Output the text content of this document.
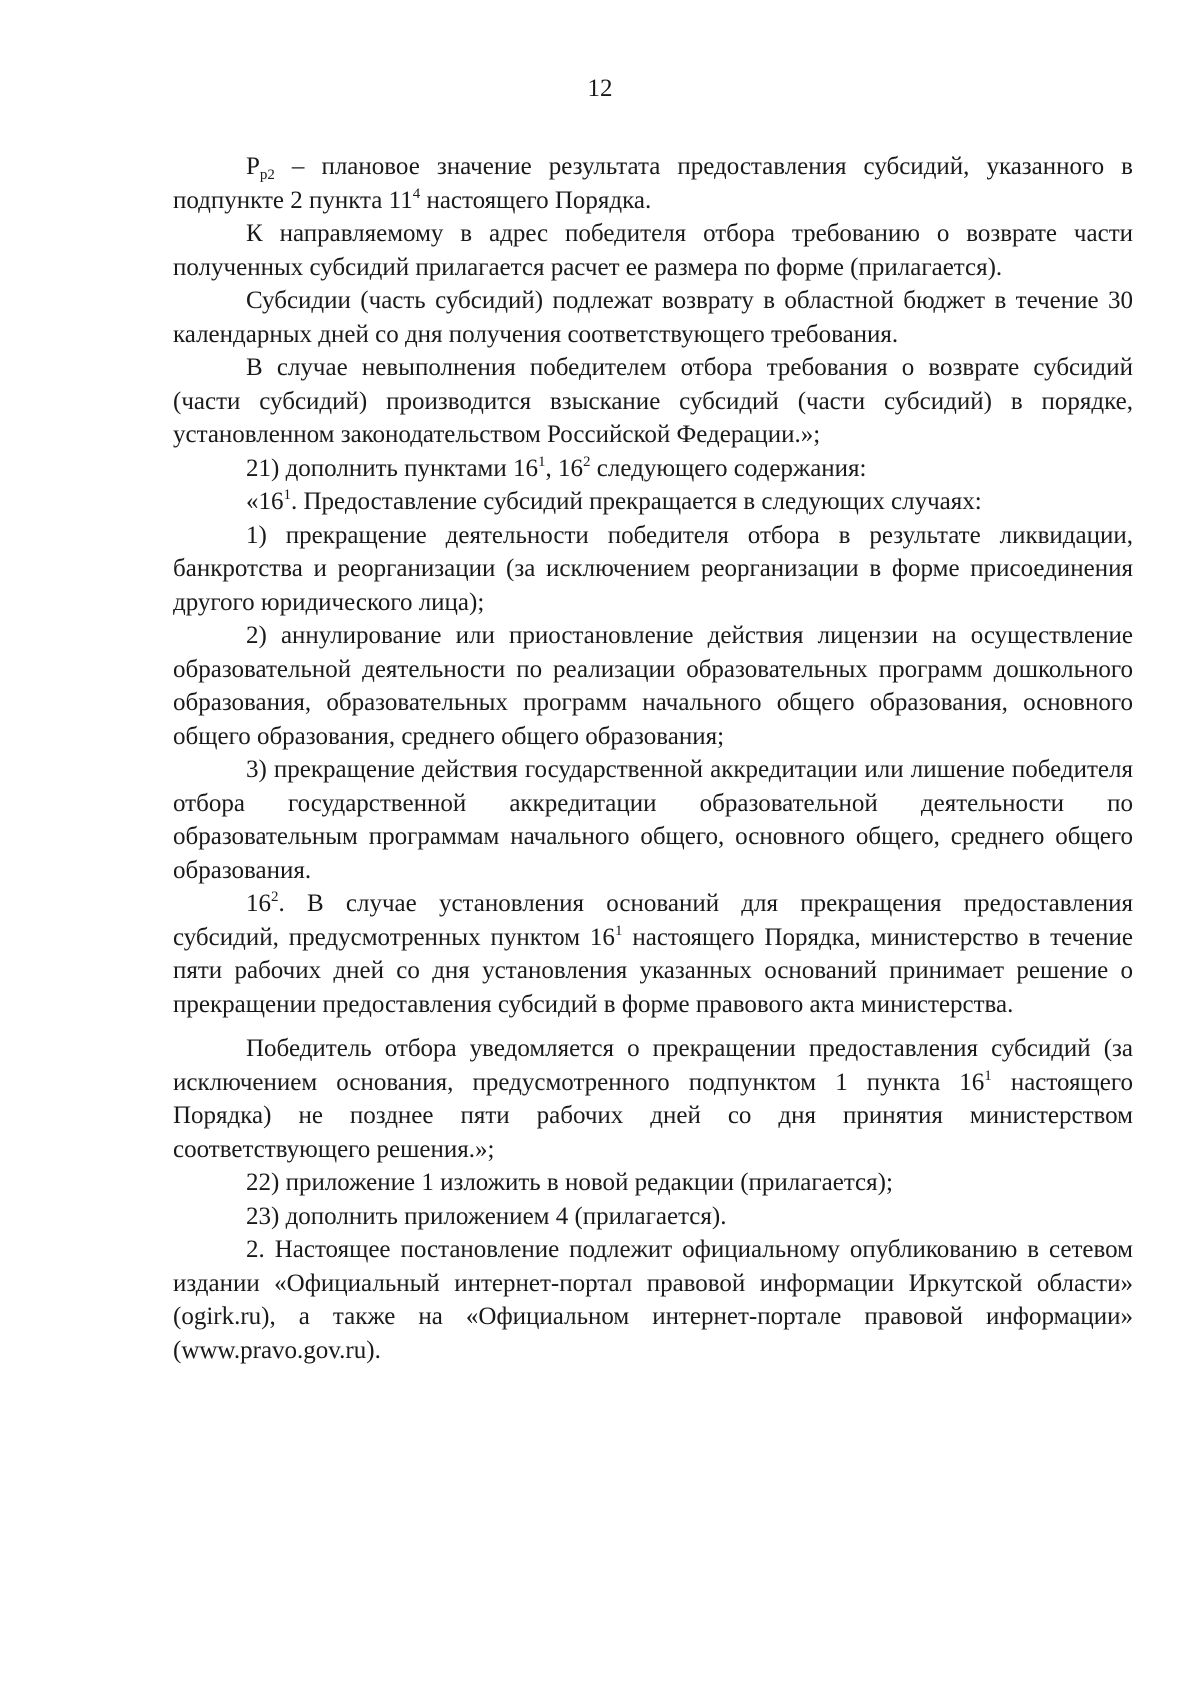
12

$P_{р2}$ – плановое значение результата предоставления субсидий, указанного в подпункте 2 пункта $11^4$ настоящего Порядка.

К направляемому в адрес победителя отбора требованию о возврате части полученных субсидий прилагается расчет ее размера по форме (прилагается).

Субсидии (часть субсидий) подлежат возврату в областной бюджет в течение 30 календарных дней со дня получения соответствующего требования.

В случае невыполнения победителем отбора требования о возврате субсидий (части субсидий) производится взыскание субсидий (части субсидий) в порядке, установленном законодательством Российской Федерации.»;

21) дополнить пунктами $16^1$, $16^2$ следующего содержания:

«$16^1$. Предоставление субсидий прекращается в следующих случаях:

1) прекращение деятельности победителя отбора в результате ликвидации, банкротства и реорганизации (за исключением реорганизации в форме присоединения другого юридического лица);

2) аннулирование или приостановление действия лицензии на осуществление образовательной деятельности по реализации образовательных программ дошкольного образования, образовательных программ начального общего образования, основного общего образования, среднего общего образования;

3) прекращение действия государственной аккредитации или лишение победителя отбора государственной аккредитации образовательной деятельности по образовательным программам начального общего, основного общего, среднего общего образования.

$16^2$. В случае установления оснований для прекращения предоставления субсидий, предусмотренных пунктом $16^1$ настоящего Порядка, министерство в течение пяти рабочих дней со дня установления указанных оснований принимает решение о прекращении предоставления субсидий в форме правового акта министерства.

Победитель отбора уведомляется о прекращении предоставления субсидий (за исключением основания, предусмотренного подпунктом 1 пункта $16^1$ настоящего Порядка) не позднее пяти рабочих дней со дня принятия министерством соответствующего решения.»;

22) приложение 1 изложить в новой редакции (прилагается);

23) дополнить приложением 4 (прилагается).

2. Настоящее постановление подлежит официальному опубликованию в сетевом издании «Официальный интернет-портал правовой информации Иркутской области» (ogirk.ru), а также на «Официальном интернет-портале правовой информации» (www.pravo.gov.ru).
